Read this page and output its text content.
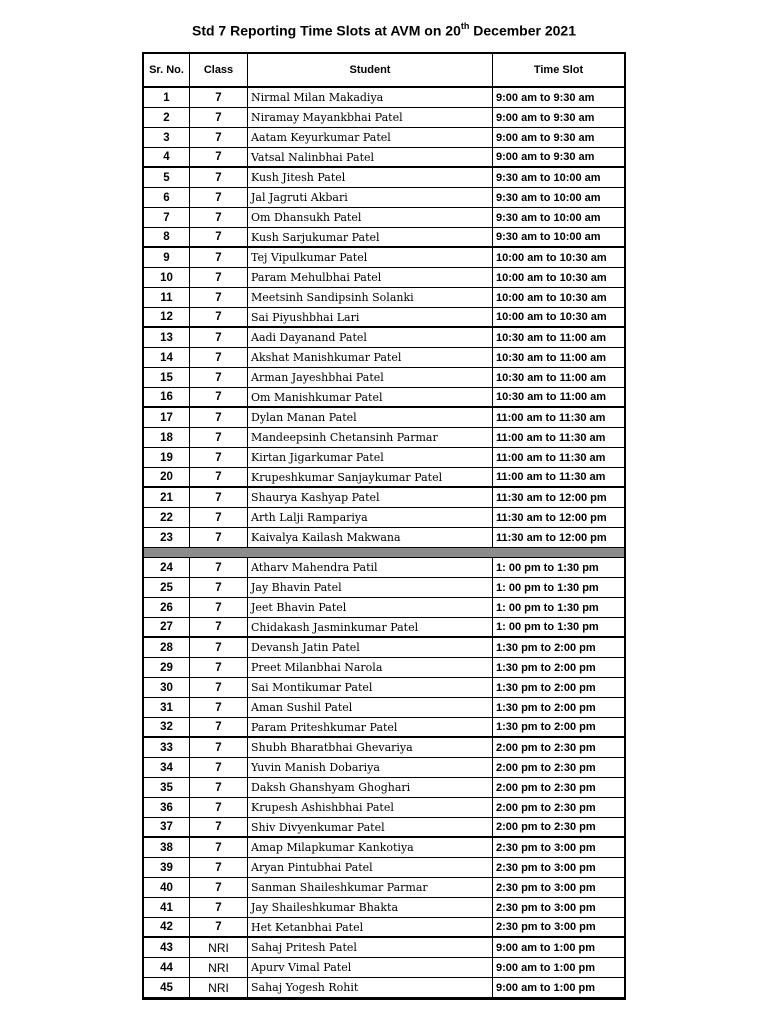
Std 7 Reporting Time Slots at AVM on 20th December 2021
Sr. No.	Class	Student	Time Slot
1	7	Nirmal Milan Makadiya	9:00 am to 9:30 am
2	7	Niramay Mayankbhai Patel	9:00 am to 9:30 am
3	7	Aatam Keyurkumar Patel	9:00 am to 9:30 am
4	7	Vatsal Nalinbhai Patel	9:00 am to 9:30 am
5	7	Kush Jitesh Patel	9:30 am to 10:00 am
6	7	Jal Jagruti Akbari	9:30 am to 10:00 am
7	7	Om Dhansukh Patel	9:30 am to 10:00 am
8	7	Kush Sarjukumar Patel	9:30 am to 10:00 am
9	7	Tej Vipulkumar Patel	10:00 am to 10:30 am
10	7	Param Mehulbhai Patel	10:00 am to 10:30 am
11	7	Meetsinh Sandipsinh Solanki	10:00 am to 10:30 am
12	7	Sai Piyushbhai Lari	10:00 am to 10:30 am
13	7	Aadi Dayanand Patel	10:30 am to 11:00 am
14	7	Akshat Manishkumar Patel	10:30 am to 11:00 am
15	7	Arman Jayeshbhai Patel	10:30 am to 11:00 am
16	7	Om Manishkumar Patel	10:30 am to 11:00 am
17	7	Dylan Manan Patel	11:00 am to 11:30 am
18	7	Mandeepsinh Chetansinh Parmar	11:00 am to 11:30 am
19	7	Kirtan Jigarkumar Patel	11:00 am to 11:30 am
20	7	Krupeshkumar Sanjaykumar Patel	11:00 am to 11:30 am
21	7	Shaurya Kashyap Patel	11:30 am to 12:00 pm
22	7	Arth Lalji Rampariya	11:30 am to 12:00 pm
23	7	Kaivalya Kailash Makwana	11:30 am to 12:00 pm
24	7	Atharv Mahendra Patil	1: 00 pm to 1:30 pm
25	7	Jay Bhavin Patel	1: 00 pm to 1:30 pm
26	7	Jeet Bhavin Patel	1: 00 pm to 1:30 pm
27	7	Chidakash Jasminkumar Patel	1: 00 pm to 1:30 pm
28	7	Devansh Jatin Patel	1:30 pm to 2:00 pm
29	7	Preet Milanbhai Narola	1:30 pm to 2:00 pm
30	7	Sai Montikumar Patel	1:30 pm to 2:00 pm
31	7	Aman Sushil Patel	1:30 pm to 2:00 pm
32	7	Param Priteshkumar Patel	1:30 pm to 2:00 pm
33	7	Shubh Bharatbhai Ghevariya	2:00 pm to 2:30 pm
34	7	Yuvin Manish Dobariya	2:00 pm to 2:30 pm
35	7	Daksh Ghanshyam Ghoghari	2:00 pm to 2:30 pm
36	7	Krupesh Ashishbhai Patel	2:00 pm to 2:30 pm
37	7	Shiv Divyenkumar Patel	2:00 pm to 2:30 pm
38	7	Amap Milapkumar Kankotiya	2:30 pm to 3:00 pm
39	7	Aryan Pintubhai Patel	2:30 pm to 3:00 pm
40	7	Sanman Shaileshkumar Parmar	2:30 pm to 3:00 pm
41	7	Jay Shaileshkumar Bhakta	2:30 pm to 3:00 pm
42	7	Het Ketanbhai Patel	2:30 pm to 3:00 pm
43	NRI	Sahaj Pritesh Patel	9:00 am to 1:00 pm
44	NRI	Apurv Vimal Patel	9:00 am to 1:00 pm
45	NRI	Sahaj Yogesh Rohit	9:00 am to 1:00 pm
